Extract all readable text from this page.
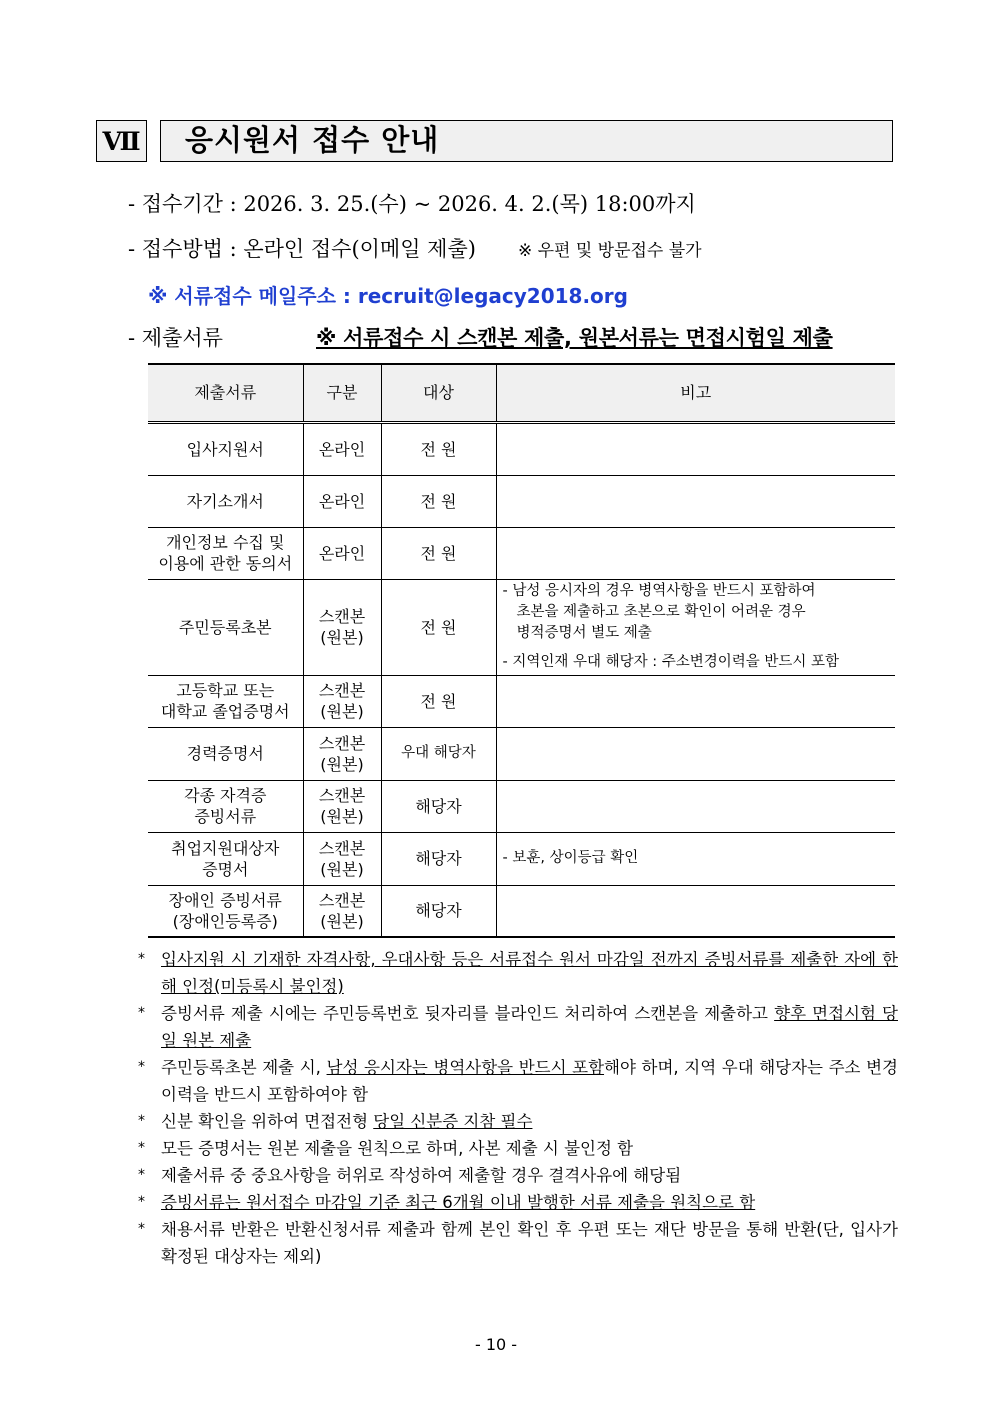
Ⅶ	응시원서 접수 안내
- 접수기간 : 2026. 3. 25.(수) ~ 2026. 4. 2.(목) 18:00까지
- 접수방법 : 온라인 접수(이메일 제출) ※ 우편 및 방문접수 불가
※ 서류접수 메일주소 : recruit@legacy2018.org
- 제출서류	※ 서류접수 시 스캔본 제출, 원본서류는 면접시험일 제출
제출서류	구분	대상	비고

입사지원서	온라인	전 원	

자기소개서	온라인	전 원	

개인정보 수집 및
이용에 관한 동의서	온라인	전 원	

주민등록초본	스캔본
(원본)	전 원	- 남성 응시자의 경우 병역사항을 반드시 포함하여
초본을 제출하고 초본으로 확인이 어려운 경우
병적증명서 별도 제출
- 지역인재 우대 해당자 : 주소변경이력을 반드시 포함

고등학교 또는
대학교 졸업증명서	스캔본
(원본)	전 원	

경력증명서	스캔본
(원본)	우대 해당자	

각종 자격증
증빙서류	스캔본
(원본)	해당자	

취업지원대상자
증명서	스캔본
(원본)	해당자	- 보훈, 상이등급 확인

장애인 증빙서류
(장애인등록증)	스캔본
(원본)	해당자	
* 입사지원 시 기재한 자격사항, 우대사항 등은 서류접수 원서 마감일 전까지 증빙서류를 제출한 자에 한해 인정(미등록시 불인정)
* 증빙서류 제출 시에는 주민등록번호 뒷자리를 블라인드 처리하여 스캔본을 제출하고 향후 면접시험 당일 원본 제출
* 주민등록초본 제출 시, 남성 응시자는 병역사항을 반드시 포함해야 하며, 지역 우대 해당자는 주소 변경이력을 반드시 포함하여야 함
* 신분 확인을 위하여 면접전형 당일 신분증 지참 필수
* 모든 증명서는 원본 제출을 원칙으로 하며, 사본 제출 시 불인정 함
* 제출서류 중 중요사항을 허위로 작성하여 제출할 경우 결격사유에 해당됨
* 증빙서류는 원서접수 마감일 기준 최근 6개월 이내 발행한 서류 제출을 원칙으로 함
* 채용서류 반환은 반환신청서류 제출과 함께 본인 확인 후 우편 또는 재단 방문을 통해 반환(단, 입사가 확정된 대상자는 제외)
- 10 -
